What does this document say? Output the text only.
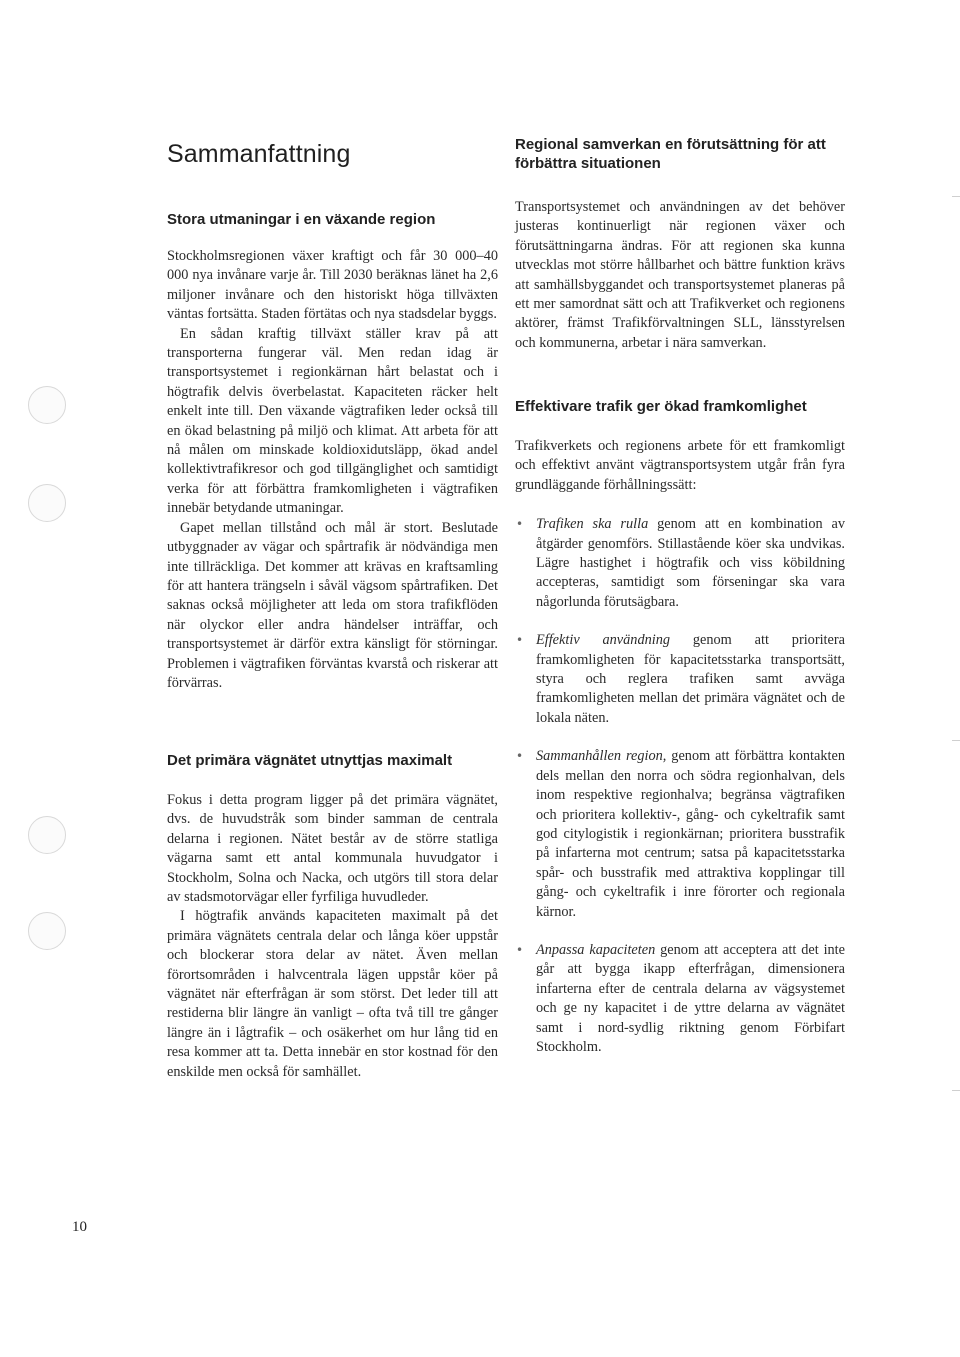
Sammanfattning
Stora utmaningar i en växande region

Stockholmsregionen växer kraftigt och får 30 000–40 000 nya invånare varje år. Till 2030 beräknas länet ha 2,6 miljoner invånare och den historiskt höga tillväxten väntas fortsätta. Staden förtätas och nya stadsdelar byggs.

En sådan kraftig tillväxt ställer krav på att transporterna fungerar väl. Men redan idag är transportsystemet i regionkärnan hårt belastat och i högtrafik delvis överbelastat. Kapaciteten räcker helt enkelt inte till. Den växande vägtrafiken leder också till en ökad belastning på miljö och klimat. Att arbeta för att nå målen om minskade koldioxidutsläpp, ökad andel kollektivtrafikresor och god tillgänglighet och samtidigt verka för att förbättra framkomligheten i vägtrafiken innebär betydande utmaningar.

Gapet mellan tillstånd och mål är stort. Beslutade utbyggnader av vägar och spårtrafik är nödvändiga men inte tillräckliga. Det kommer att krävas en kraftsamling för att hantera trängseln i såväl vägsom spårtrafiken. Det saknas också möjligheter att leda om stora trafikflöden när olyckor eller andra händelser inträffar, och transportsystemet är därför extra känsligt för störningar. Problemen i vägtrafiken förväntas kvarstå och riskerar att förvärras.

Det primära vägnätet utnyttjas maximalt

Fokus i detta program ligger på det primära vägnätet, dvs. de huvudstråk som binder samman de centrala delarna i regionen. Nätet består av de större statliga vägarna samt ett antal kommunala huvudgator i Stockholm, Solna och Nacka, och utgörs till stora delar av stadsmotorvägar eller fyrfiliga huvudleder.

I högtrafik används kapaciteten maximalt på det primära vägnätets centrala delar och långa köer uppstår och blockerar stora delar av nätet. Även mellan förortsområden i halvcentrala lägen uppstår köer på vägnätet när efterfrågan är som störst. Det leder till att restiderna blir längre än vanligt – ofta två till tre gånger längre än i lågtrafik – och osäkerhet om hur lång tid en resa kommer att ta. Detta innebär en stor kostnad för den enskilde men också för samhället.

Regional samverkan en förutsättning för att förbättra situationen

Transportsystemet och användningen av det behöver justeras kontinuerligt när regionen växer och förutsättningarna ändras. För att regionen ska kunna utvecklas mot större hållbarhet och bättre funktion krävs att samhällsbyggandet och transportsystemet planeras på ett mer samordnat sätt och att Trafikverket och regionens aktörer, främst Trafikförvaltningen SLL, länsstyrelsen och kommunerna, arbetar i nära samverkan.

Effektivare trafik ger ökad framkomlighet

Trafikverkets och regionens arbete för ett framkomligt och effektivt använt vägtransportsystem utgår från fyra grundläggande förhållningssätt:

• Trafiken ska rulla genom att en kombination av åtgärder genomförs. Stillastående köer ska undvikas. Lägre hastighet i högtrafik och viss köbildning accepteras, samtidigt som förseningar ska vara någorlunda förutsägbara.
• Effektiv användning genom att prioritera framkomligheten för kapacitetsstarka transportsätt, styra och reglera trafiken samt avväga framkomligheten mellan det primära vägnätet och de lokala näten.
• Sammanhållen region, genom att förbättra kontakten dels mellan den norra och södra regionhalvan, dels inom respektive regionhalva; begränsa vägtrafiken och prioritera kollektiv-, gång- och cykeltrafik samt god citylogistik i regionkärnan; prioritera busstrafik på infarterna mot centrum; satsa på kapacitetsstarka spår- och busstrafik med attraktiva kopplingar till gång- och cykeltrafik i inre förorter och regionala kärnor.
• Anpassa kapaciteten genom att acceptera att det inte går att bygga ikapp efterfrågan, dimensionera infarterna efter de centrala delarna av vägsystemet och ge ny kapacitet i de yttre delarna av vägnätet samt i nord-sydlig riktning genom Förbifart Stockholm.
10
